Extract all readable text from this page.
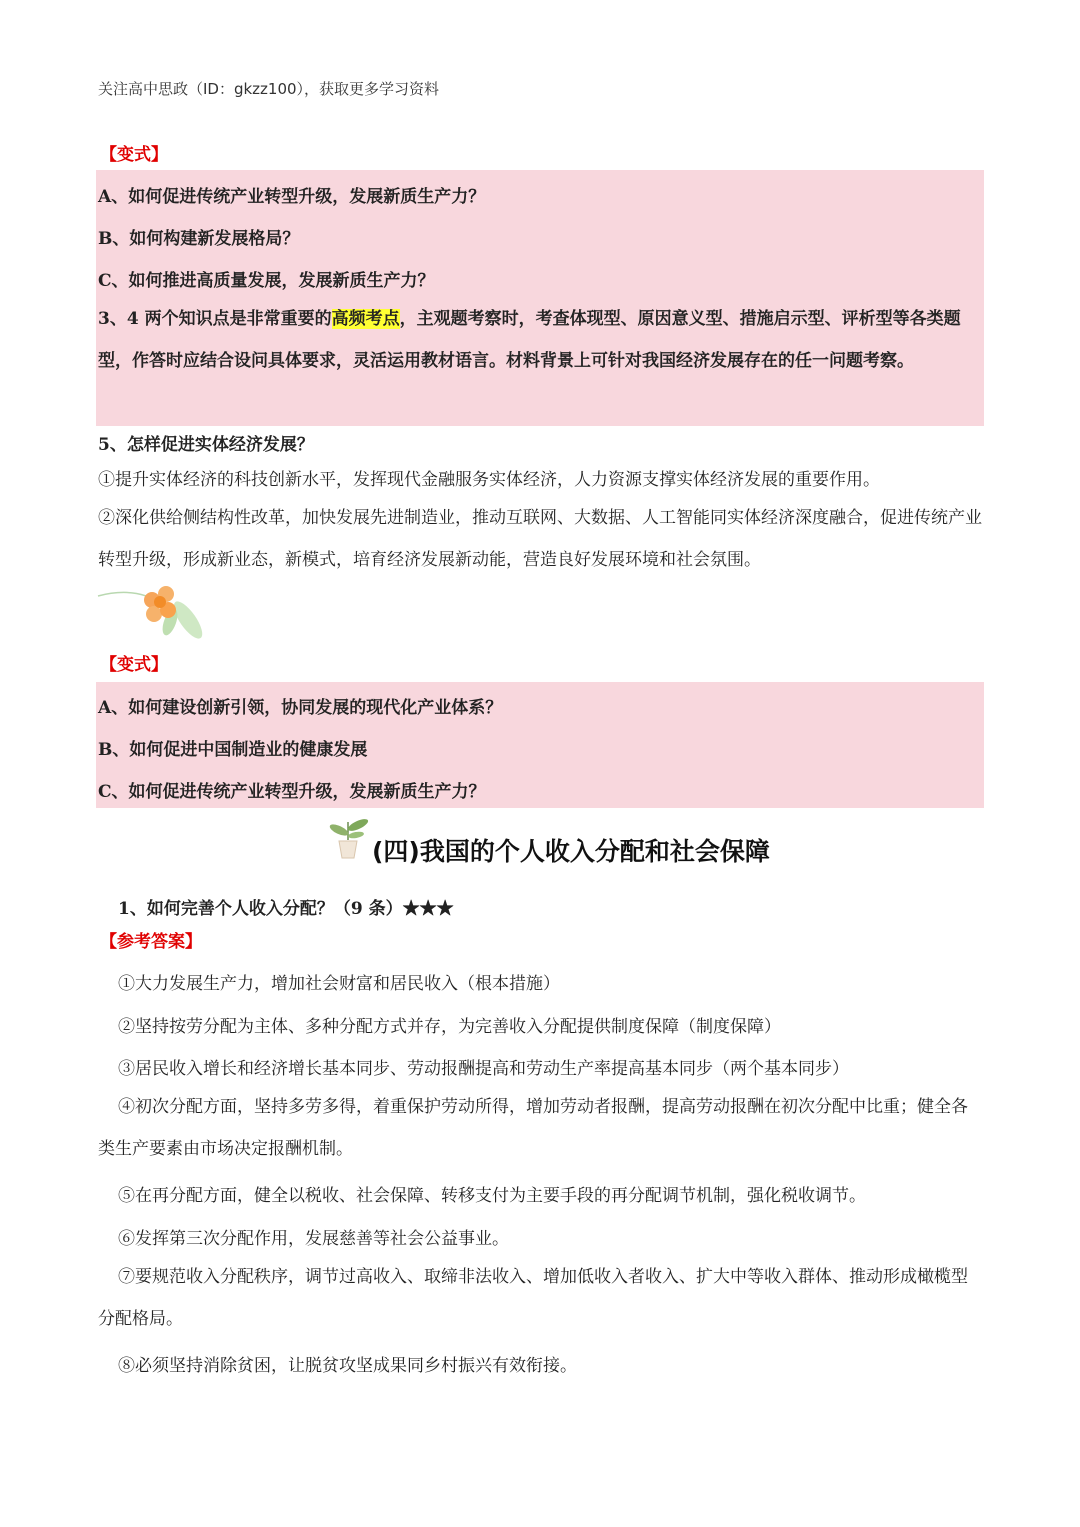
关注高中思政（ID：gkzz100），获取更多学习资料
【变式】
A、如何促进传统产业转型升级，发展新质生产力？
B、如何构建新发展格局？
C、如何推进高质量发展，发展新质生产力？
3、4 两个知识点是非常重要的高频考点，主观题考察时，考查体现型、原因意义型、措施启示型、评析型等各类题型，作答时应结合设问具体要求，灵活运用教材语言。材料背景上可针对我国经济发展存在的任一问题考察。
5、怎样促进实体经济发展？
①提升实体经济的科技创新水平，发挥现代金融服务实体经济，人力资源支撑实体经济发展的重要作用。
②深化供给侧结构性改革，加快发展先进制造业，推动互联网、大数据、人工智能同实体经济深度融合，促进传统产业转型升级，形成新业态，新模式，培育经济发展新动能，营造良好发展环境和社会氛围。
【变式】
A、如何建设创新引领，协同发展的现代化产业体系？
B、如何促进中国制造业的健康发展
C、如何促进传统产业转型升级，发展新质生产力？
(四)我国的个人收入分配和社会保障
1、如何完善个人收入分配？（9 条）★★★
【参考答案】
①大力发展生产力，增加社会财富和居民收入（根本措施）
②坚持按劳分配为主体、多种分配方式并存，为完善收入分配提供制度保障（制度保障）
③居民收入增长和经济增长基本同步、劳动报酬提高和劳动生产率提高基本同步（两个基本同步）
④初次分配方面，坚持多劳多得，着重保护劳动所得，增加劳动者报酬，提高劳动报酬在初次分配中比重；健全各类生产要素由市场决定报酬机制。
⑤在再分配方面，健全以税收、社会保障、转移支付为主要手段的再分配调节机制，强化税收调节。
⑥发挥第三次分配作用，发展慈善等社会公益事业。
⑦要规范收入分配秩序，调节过高收入、取缔非法收入、增加低收入者收入、扩大中等收入群体、推动形成橄榄型分配格局。
⑧必须坚持消除贫困，让脱贫攻坚成果同乡村振兴有效衔接。
